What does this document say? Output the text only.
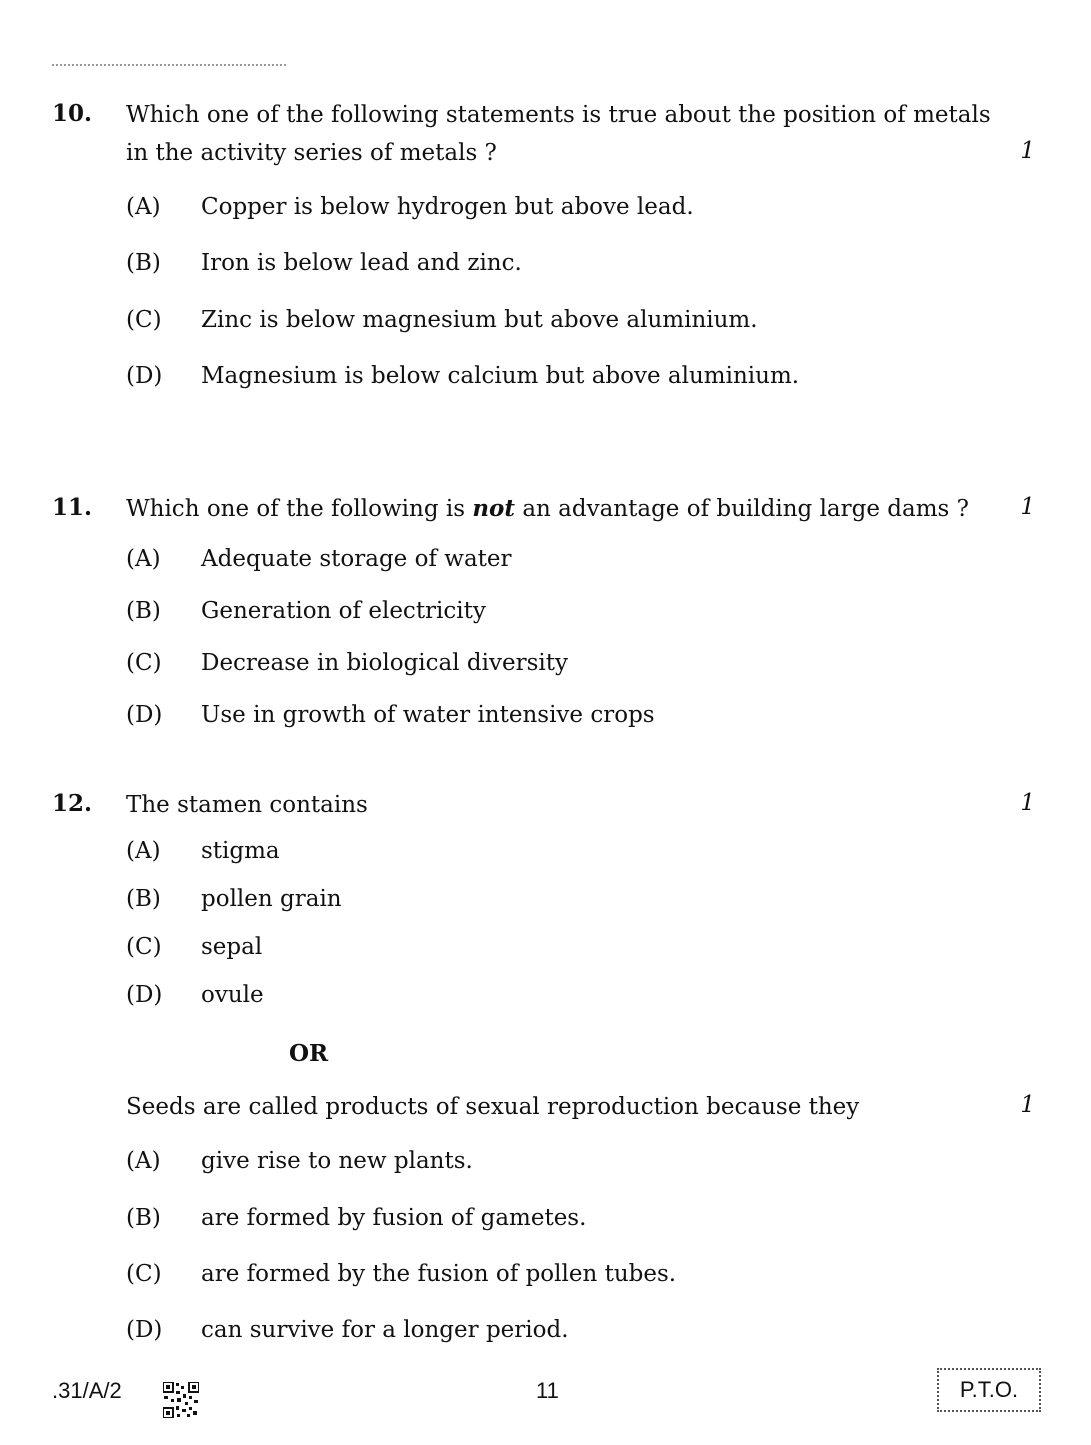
10. Which one of the following statements is true about the position of metals
in the activity series of metals ?	1
(A) Copper is below hydrogen but above lead.
(B) Iron is below lead and zinc.
(C) Zinc is below magnesium but above aluminium.
(D) Magnesium is below calcium but above aluminium.
11. Which one of the following is not an advantage of building large dams ?	1
(A) Adequate storage of water
(B) Generation of electricity
(C) Decrease in biological diversity
(D) Use in growth of water intensive crops
12. The stamen contains	1
(A) stigma
(B) pollen grain
(C) sepal
(D) ovule
OR
Seeds are called products of sexual reproduction because they	1
(A) give rise to new plants.
(B) are formed by fusion of gametes.
(C) are formed by the fusion of pollen tubes.
(D) can survive for a longer period.
.31/A/2	11	P.T.O.
